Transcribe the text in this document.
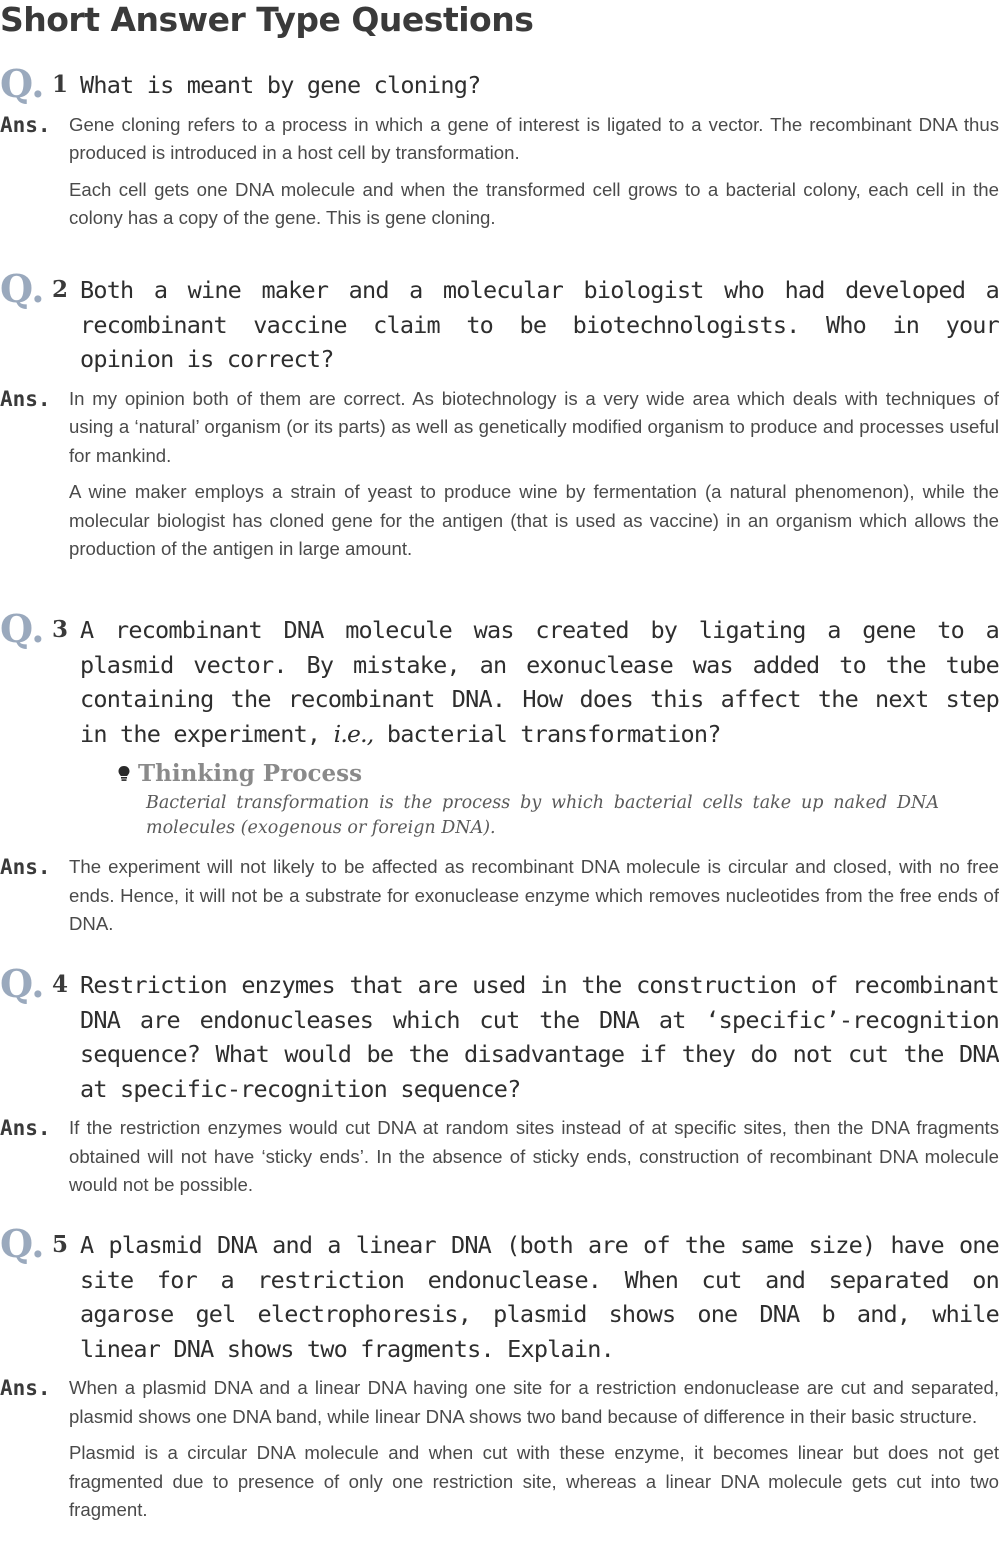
Short Answer Type Questions
Q. 1 What is meant by gene cloning?
Ans. Gene cloning refers to a process in which a gene of interest is ligated to a vector. The recombinant DNA thus produced is introduced in a host cell by transformation.

Each cell gets one DNA molecule and when the transformed cell grows to a bacterial colony, each cell in the colony has a copy of the gene. This is gene cloning.

Q. 2 Both a wine maker and a molecular biologist who had developed a recombinant vaccine claim to be biotechnologists. Who in your opinion is correct?
Ans. In my opinion both of them are correct. As biotechnology is a very wide area which deals with techniques of using a ‘natural’ organism (or its parts) as well as genetically modified organism to produce and processes useful for mankind.

A wine maker employs a strain of yeast to produce wine by fermentation (a natural phenomenon), while the molecular biologist has cloned gene for the antigen (that is used as vaccine) in an organism which allows the production of the antigen in large amount.

Q. 3 A recombinant DNA molecule was created by ligating a gene to a plasmid vector. By mistake, an exonuclease was added to the tube containing the recombinant DNA. How does this affect the next step in the experiment, i.e., bacterial transformation?
Thinking Process
Bacterial transformation is the process by which bacterial cells take up naked DNA molecules (exogenous or foreign DNA).
Ans. The experiment will not likely to be affected as recombinant DNA molecule is circular and closed, with no free ends. Hence, it will not be a substrate for exonuclease enzyme which removes nucleotides from the free ends of DNA.

Q. 4 Restriction enzymes that are used in the construction of recombinant DNA are endonucleases which cut the DNA at ‘specific’-recognition sequence? What would be the disadvantage if they do not cut the DNA at specific-recognition sequence?
Ans. If the restriction enzymes would cut DNA at random sites instead of at specific sites, then the DNA fragments obtained will not have ‘sticky ends’. In the absence of sticky ends, construction of recombinant DNA molecule would not be possible.

Q. 5 A plasmid DNA and a linear DNA (both are of the same size) have one site for a restriction endonuclease. When cut and separated on agarose gel electrophoresis, plasmid shows one DNA b and, while linear DNA shows two fragments. Explain.
Ans. When a plasmid DNA and a linear DNA having one site for a restriction endonuclease are cut and separated, plasmid shows one DNA band, while linear DNA shows two band because of difference in their basic structure.

Plasmid is a circular DNA molecule and when cut with these enzyme, it becomes linear but does not get fragmented due to presence of only one restriction site, whereas a linear DNA molecule gets cut into two fragment.
